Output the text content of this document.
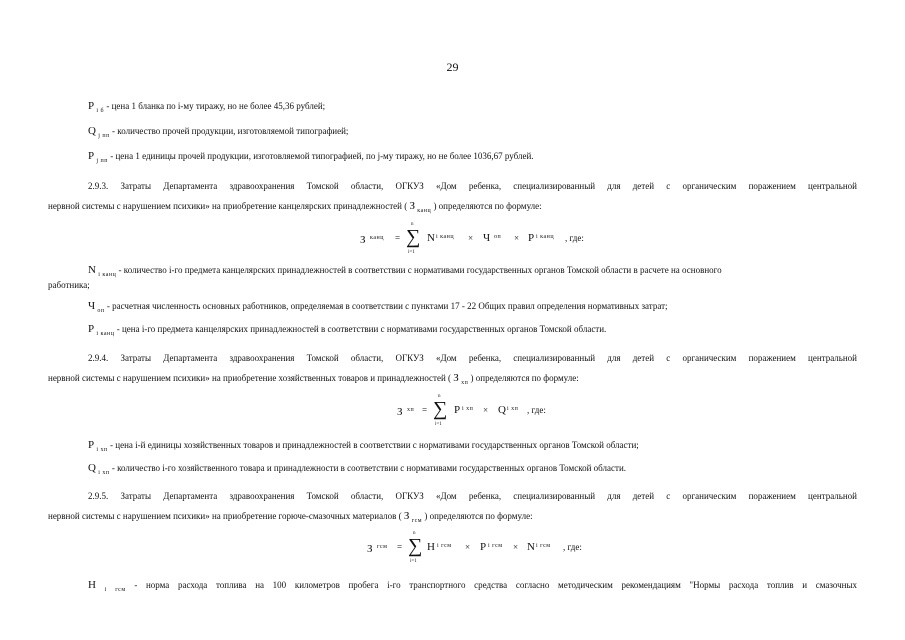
29
P $_{i б}$ - цена 1 бланка по i-му тиражу, но не более 45,36 рублей;
Q $_{j пп}$ - количество прочей продукции, изготовляемой типографией;
P $_{j пп}$ - цена 1 единицы прочей продукции, изготовляемой типографией, по j-му тиражу, но не более 1036,67 рублей.
2.9.3. Затраты Департамента здравоохранения Томской области, ОГКУЗ «Дом ребенка, специализированный для детей с органическим поражением центральной
нервной системы с нарушением психики» на приобретение канцелярских принадлежностей ( З $_{канц}$ ) определяются по формуле:
З канц =
n
∑
i=1
N i канц × Ч оп × P i канц , где:
N $_{i канц}$ - количество i-го предмета канцелярских принадлежностей в соответствии с нормативами государственных органов Томской области в расчете на основного
работника;
Ч $_{оп}$ - расчетная численность основных работников, определяемая в соответствии с пунктами 17 - 22 Общих правил определения нормативных затрат;
P $_{i канц}$ - цена i-го предмета канцелярских принадлежностей в соответствии с нормативами государственных органов Томской области.
2.9.4. Затраты Департамента здравоохранения Томской области, ОГКУЗ «Дом ребенка, специализированный для детей с органическим поражением центральной
нервной системы с нарушением психики» на приобретение хозяйственных товаров и принадлежностей ( З $_{хп}$ ) определяются по формуле:
З хп =
n
∑
i=1
P i хп × Q i хп , где:
P $_{i хп}$ - цена i-й единицы хозяйственных товаров и принадлежностей в соответствии с нормативами государственных органов Томской области;
Q $_{i хп}$ - количество i-го хозяйственного товара и принадлежности в соответствии с нормативами государственных органов Томской области.
2.9.5. Затраты Департамента здравоохранения Томской области, ОГКУЗ «Дом ребенка, специализированный для детей с органическим поражением центральной
нервной системы с нарушением психики» на приобретение горюче-смазочных материалов ( З $_{гсм}$ ) определяются по формуле:
З гсм =
n
∑
i=1
Н i гсм × P i гсм × N i гсм , где:
Н $_{i гсм}$ - норма расхода топлива на 100 километров пробега i-го транспортного средства согласно методическим рекомендациям "Нормы расхода топлив и смазочных
